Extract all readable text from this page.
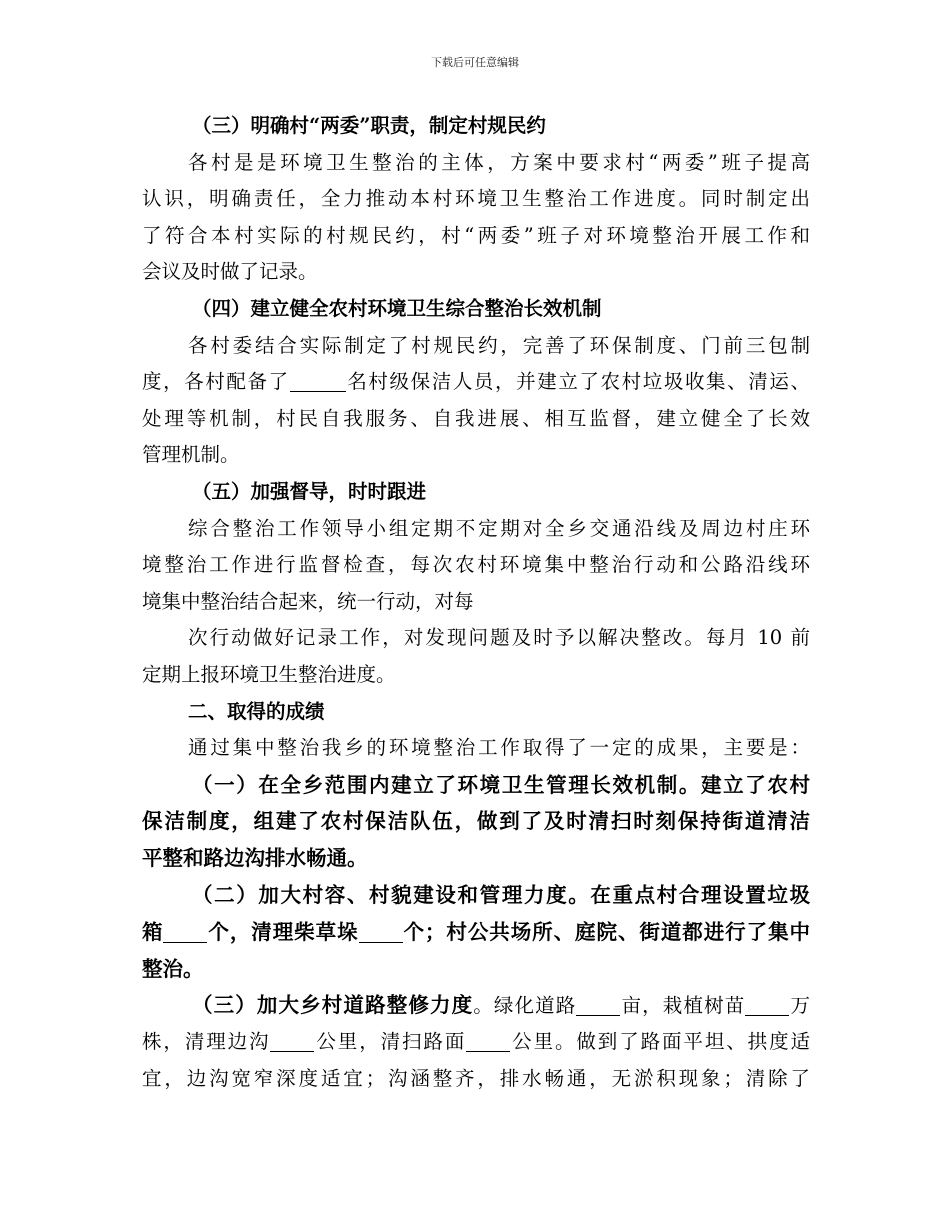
下载后可任意编辑
（三）明确村“两委”职责，制定村规民约
各村是是环境卫生整治的主体，方案中要求村“两委”班子提高
认识，明确责任，全力推动本村环境卫生整治工作进度。同时制定出
了符合本村实际的村规民约，村“两委”班子对环境整治开展工作和
会议及时做了记录。
（四）建立健全农村环境卫生综合整治长效机制
各村委结合实际制定了村规民约，完善了环保制度、门前三包制
度，各村配备了	名村级保洁人员，并建立了农村垃圾收集、清运、
处理等机制，村民自我服务、自我进展、相互监督，建立健全了长效
管理机制。
（五）加强督导，时时跟进
综合整治工作领导小组定期不定期对全乡交通沿线及周边村庄环
境整治工作进行监督检查，每次农村环境集中整治行动和公路沿线环
境集中整治结合起来，统一行动，对每
次行动做好记录工作，对发现问题及时予以解决整改。每月 10 前
定期上报环境卫生整治进度。
二、取得的成绩
通过集中整治我乡的环境整治工作取得了一定的成果，主要是：
（一）在全乡范围内建立了环境卫生管理长效机制。建立了农村
保洁制度，组建了农村保洁队伍，做到了及时清扫时刻保持街道清洁
平整和路边沟排水畅通。
（二）加大村容、村貌建设和管理力度。在重点村合理设置垃圾
箱 个，清理柴草垛 个；村公共场所、庭院、街道都进行了集中
整治。
（三）加大乡村道路整修力度。绿化道路 亩，栽植树苗 万
株，清理边沟 公里，清扫路面 公里。做到了路面平坦、拱度适
宜，边沟宽窄深度适宜；沟涵整齐，排水畅通，无淤积现象；清除了
